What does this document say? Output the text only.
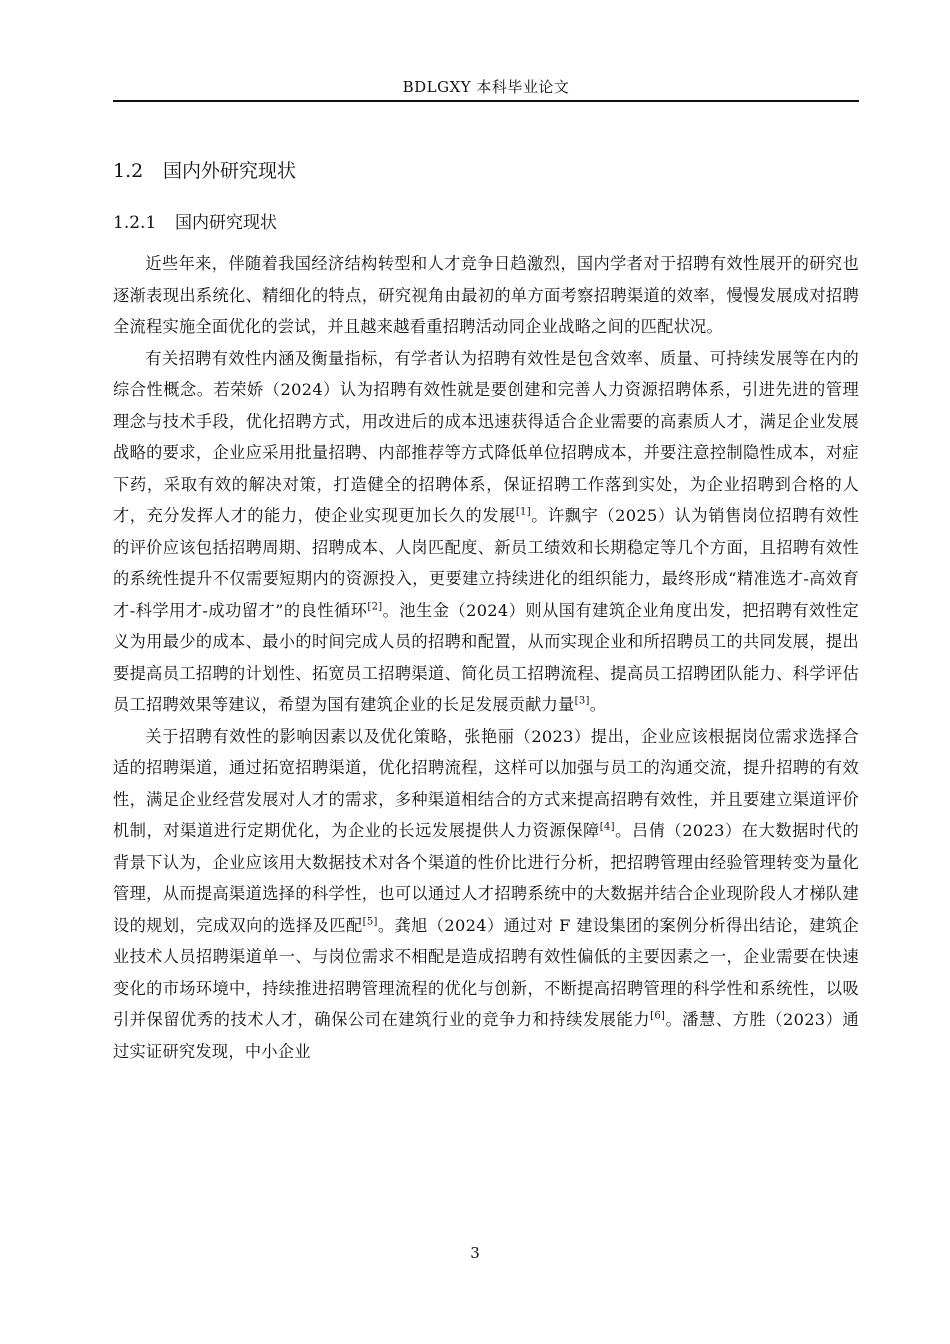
BDLGXY 本科毕业论文
1.2 国内外研究现状
1.2.1 国内研究现状

近些年来，伴随着我国经济结构转型和人才竞争日趋激烈，国内学者对于招聘有效性展开的研究也逐渐表现出系统化、精细化的特点，研究视角由最初的单方面考察招聘渠道的效率，慢慢发展成对招聘全流程实施全面优化的尝试，并且越来越看重招聘活动同企业战略之间的匹配状况。

有关招聘有效性内涵及衡量指标，有学者认为招聘有效性是包含效率、质量、可持续发展等在内的综合性概念。若荣娇（2024）认为招聘有效性就是要创建和完善人力资源招聘体系，引进先进的管理理念与技术手段，优化招聘方式，用改进后的成本迅速获得适合企业需要的高素质人才，满足企业发展战略的要求，企业应采用批量招聘、内部推荐等方式降低单位招聘成本，并要注意控制隐性成本，对症下药，采取有效的解决对策，打造健全的招聘体系，保证招聘工作落到实处，为企业招聘到合格的人才，充分发挥人才的能力，使企业实现更加长久的发展[1]。许飘宇（2025）认为销售岗位招聘有效性的评价应该包括招聘周期、招聘成本、人岗匹配度、新员工绩效和长期稳定等几个方面，且招聘有效性的系统性提升不仅需要短期内的资源投入，更要建立持续进化的组织能力，最终形成“精准选才-高效育才-科学用才-成功留才”的良性循环[2]。池生金（2024）则从国有建筑企业角度出发，把招聘有效性定义为用最少的成本、最小的时间完成人员的招聘和配置，从而实现企业和所招聘员工的共同发展，提出要提高员工招聘的计划性、拓宽员工招聘渠道、简化员工招聘流程、提高员工招聘团队能力、科学评估员工招聘效果等建议，希望为国有建筑企业的长足发展贡献力量[3]。

关于招聘有效性的影响因素以及优化策略，张艳丽（2023）提出，企业应该根据岗位需求选择合适的招聘渠道，通过拓宽招聘渠道，优化招聘流程，这样可以加强与员工的沟通交流，提升招聘的有效性，满足企业经营发展对人才的需求，多种渠道相结合的方式来提高招聘有效性，并且要建立渠道评价机制，对渠道进行定期优化，为企业的长远发展提供人力资源保障[4]。吕倩（2023）在大数据时代的背景下认为，企业应该用大数据技术对各个渠道的性价比进行分析，把招聘管理由经验管理转变为量化管理，从而提高渠道选择的科学性，也可以通过人才招聘系统中的大数据并结合企业现阶段人才梯队建设的规划，完成双向的选择及匹配[5]。龚旭（2024）通过对 F 建设集团的案例分析得出结论，建筑企业技术人员招聘渠道单一、与岗位需求不相配是造成招聘有效性偏低的主要因素之一，企业需要在快速变化的市场环境中，持续推进招聘管理流程的优化与创新，不断提高招聘管理的科学性和系统性，以吸引并保留优秀的技术人才，确保公司在建筑行业的竞争力和持续发展能力[6]。潘慧、方胜（2023）通过实证研究发现，中小企业

3
